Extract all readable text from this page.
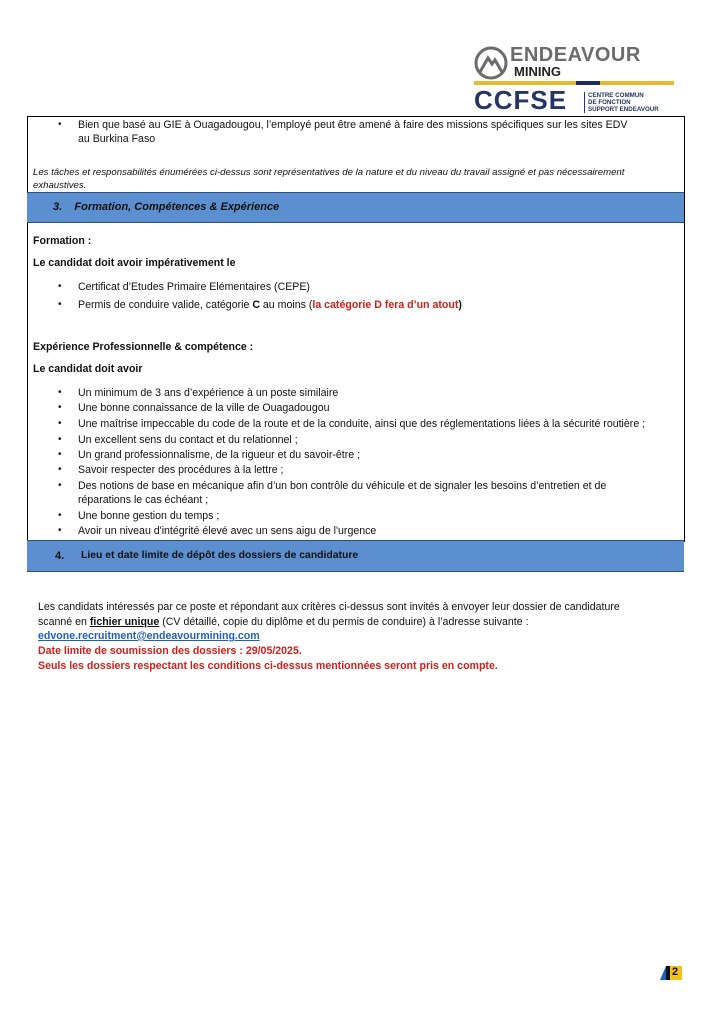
ENDEAVOUR
MINING
CCFSE	CENTRE COMMUN
DE FONCTION
SUPPORT ENDEAVOUR
• Bien que basé au GIE à Ouagadougou, l’employé peut être amené à faire des missions spécifiques sur les sites EDV
au Burkina Faso
Les tâches et responsabilités énumérées ci-dessus sont représentatives de la nature et du niveau du travail assigné et pas nécessairement
exhaustives.
3.    Formation, Compétences & Expérience
Formation :
Le candidat doit avoir impérativement le
• Certificat d’Etudes Primaire Elémentaires (CEPE)
• Permis de conduire valide, catégorie C au moins (la catégorie D fera d’un atout)
Expérience Professionnelle & compétence :
Le candidat doit avoir
• Un minimum de 3 ans d’expérience à un poste similaire
• Une bonne connaissance de la ville de Ouagadougou
• Une maîtrise impeccable du code de la route et de la conduite, ainsi que des réglementations liées à la sécurité routière ;
• Un excellent sens du contact et du relationnel ;
• Un grand professionnalisme, de la rigueur et du savoir-être ;
• Savoir respecter des procédures à la lettre ;
• Des notions de base en mécanique afin d’un bon contrôle du véhicule et de signaler les besoins d’entretien et de
réparations le cas échéant ;
• Une bonne gestion du temps ;
• Avoir un niveau d'intégrité élevé avec un sens aigu de l'urgence
4. Lieu et date limite de dépôt des dossiers de candidature
Les candidats intéressés par ce poste et répondant aux critères ci-dessus sont invités à envoyer leur dossier de candidature
scanné en fichier unique (CV détaillé, copie du diplôme et du permis de conduire) à l’adresse suivante :
edvone.recruitment@endeavourmining.com
Date limite de soumission des dossiers : 29/05/2025.
Seuls les dossiers respectant les conditions ci-dessus mentionnées seront pris en compte.
2
